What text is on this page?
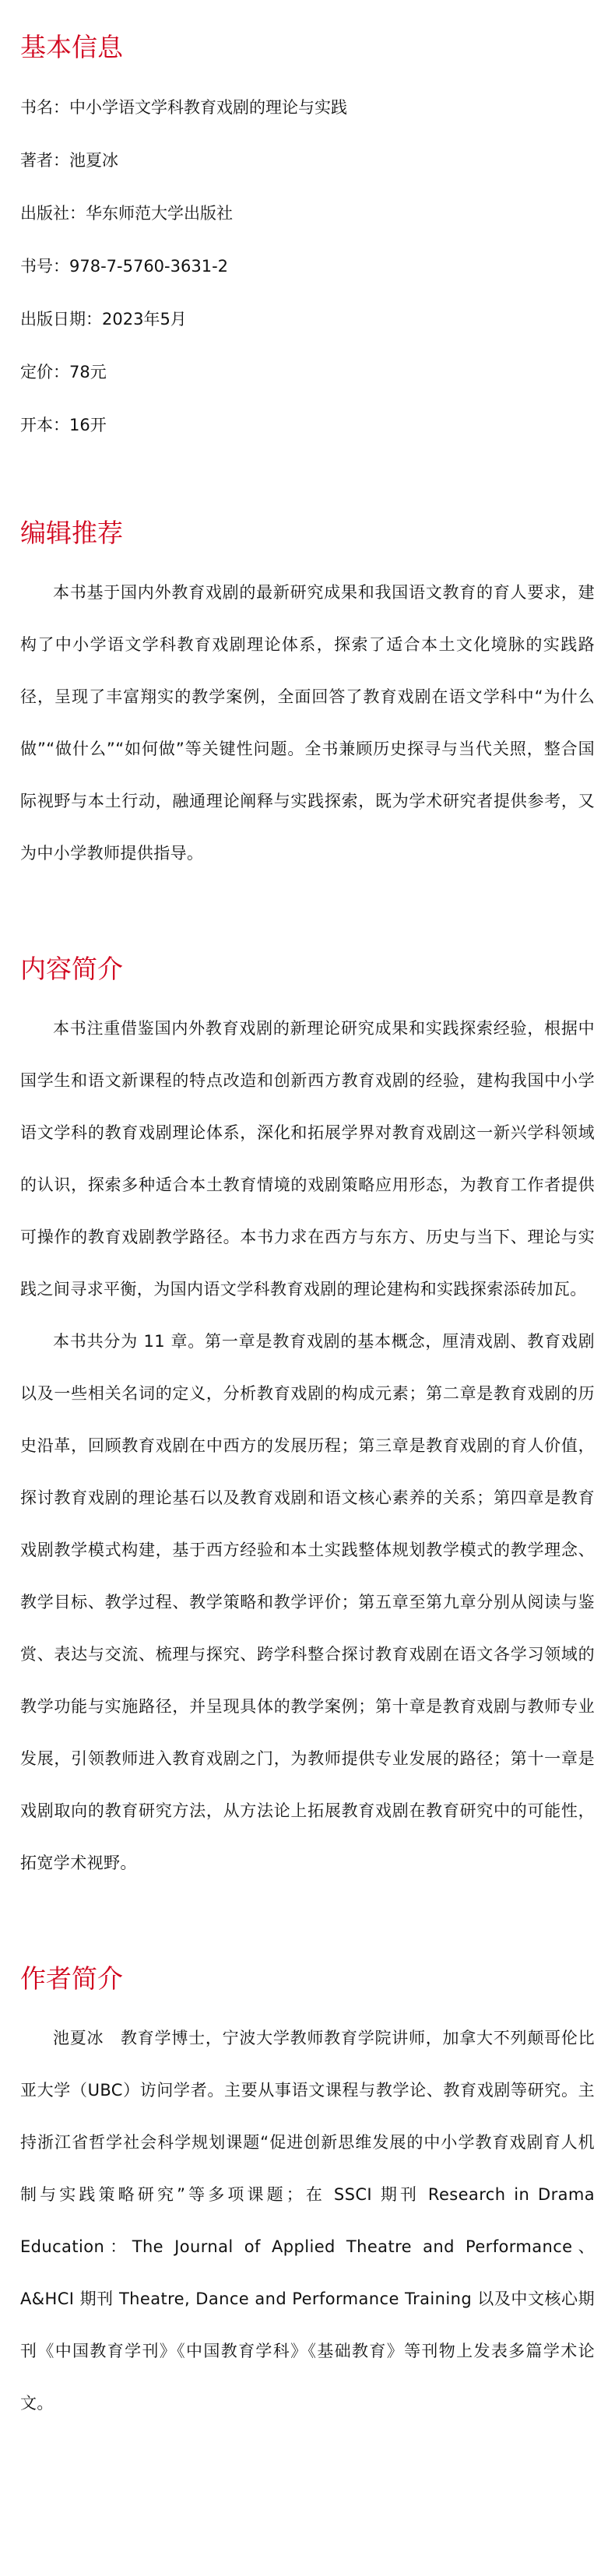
基本信息

书名：中小学语文学科教育戏剧的理论与实践

著者：池夏冰

出版社：华东师范大学出版社

书号：978-7-5760-3631-2

出版日期：2023年5月

定价：78元

开本：16开

编辑推荐

本书基于国内外教育戏剧的最新研究成果和我国语文教育的育人要求，建构了中小学语文学科教育戏剧理论体系，探索了适合本土文化境脉的实践路径，呈现了丰富翔实的教学案例，全面回答了教育戏剧在语文学科中“为什么做”“做什么”“如何做”等关键性问题。全书兼顾历史探寻与当代关照，整合国际视野与本土行动，融通理论阐释与实践探索，既为学术研究者提供参考，又为中小学教师提供指导。

内容简介

本书注重借鉴国内外教育戏剧的新理论研究成果和实践探索经验，根据中国学生和语文新课程的特点改造和创新西方教育戏剧的经验，建构我国中小学语文学科的教育戏剧理论体系，深化和拓展学界对教育戏剧这一新兴学科领域的认识，探索多种适合本土教育情境的戏剧策略应用形态，为教育工作者提供可操作的教育戏剧教学路径。本书力求在西方与东方、历史与当下、理论与实践之间寻求平衡，为国内语文学科教育戏剧的理论建构和实践探索添砖加瓦。

本书共分为 11 章。第一章是教育戏剧的基本概念，厘清戏剧、教育戏剧以及一些相关名词的定义，分析教育戏剧的构成元素；第二章是教育戏剧的历史沿革，回顾教育戏剧在中西方的发展历程；第三章是教育戏剧的育人价值，探讨教育戏剧的理论基石以及教育戏剧和语文核心素养的关系；第四章是教育戏剧教学模式构建，基于西方经验和本土实践整体规划教学模式的教学理念、教学目标、教学过程、教学策略和教学评价；第五章至第九章分别从阅读与鉴赏、表达与交流、梳理与探究、跨学科整合探讨教育戏剧在语文各学习领域的教学功能与实施路径，并呈现具体的教学案例；第十章是教育戏剧与教师专业发展，引领教师进入教育戏剧之门，为教师提供专业发展的路径；第十一章是戏剧取向的教育研究方法，从方法论上拓展教育戏剧在教育研究中的可能性，拓宽学术视野。

作者简介

池夏冰　教育学博士，宁波大学教师教育学院讲师，加拿大不列颠哥伦比亚大学（UBC）访问学者。主要从事语文课程与教学论、教育戏剧等研究。主持浙江省哲学社会科学规划课题“促进创新思维发展的中小学教育戏剧育人机制与实践策略研究”等多项课题；在 SSCI 期刊 Research in Drama Education：The Journal of Applied Theatre and Performance、A&HCI 期刊 Theatre, Dance and Performance Training 以及中文核心期刊《中国教育学刊》《中国教育学科》《基础教育》等刊物上发表多篇学术论文。
